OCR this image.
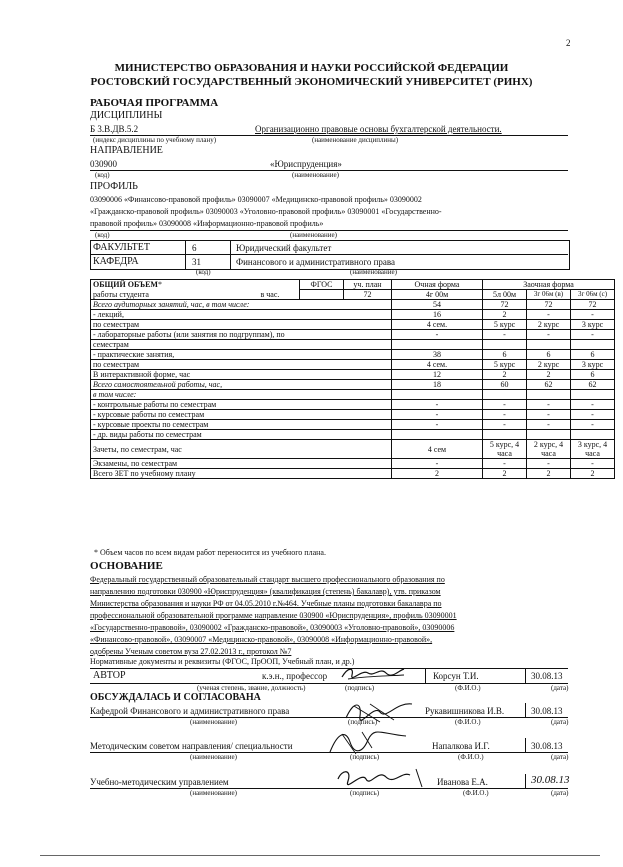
2
МИНИСТЕРСТВО ОБРАЗОВАНИЯ И НАУКИ РОССИЙСКОЙ ФЕДЕРАЦИИ
РОСТОВСКИЙ ГОСУДАРСТВЕННЫЙ ЭКОНОМИЧЕСКИЙ УНИВЕРСИТЕТ (РИНХ)
РАБОЧАЯ ПРОГРАММА
ДИСЦИПЛИНЫ
Б 3.В.ДВ.5.2	Организационно правовые основы бухгалтерской деятельности.
(индекс дисциплины по учебному плану)	(наименование дисциплины)
НАПРАВЛЕНИЕ
030900	«Юриспруденция»
(код)	(наименование)
ПРОФИЛЬ
03090006 «Финансово-правовой профиль» 03090007 «Медицинско-правовой профиль» 03090002
«Гражданско-правовой профиль» 03090003 «Уголовно-правовой профиль» 03090001 «Государственно-
правовой профиль» 03090008 «Информационно-правовой профиль»
(код)	(наименование)
ФАКУЛЬТЕТ	6	Юридический факультет
КАФЕДРА	31	Финансового и административного права
(код)	(наименование)
ОБЩИЙ ОБЪЕМ*		ФГОС	уч. план	Очная форма	Заочная форма		
работы студента	в час.		72	4г 00м	5л 00м	3г 06м (в)	3г 06м (с)
Всего аудиторных занятий, час, в том числе:				54	72	72	72
- лекций,				16	2	-	-
по семестрам				4 сем.	5 курс	2 курс	3 курс
- лабораторные работы (или занятия по подгруппам), по				-	-	-	-
семестрам							
- практические занятия,				38	6	6	6
по семестрам				4 сем.	5 курс	2 курс	3 курс
В интерактивной форме, час				12	2	2	6
Всего самостоятельной работы, час,				18	60	62	62
в том числе:							
- контрольные работы по семестрам				-	-	-	-
- курсовые работы по семестрам				-	-	-	-
- курсовые проекты по семестрам				-	-	-	-
- др. виды работы по семестрам							
Зачеты, по семестрам, час				4 сем	5 курс, 4 часа	2 курс, 4 часа	3 курс, 4 часа
Экзамены, по семестрам				-	-	-	-
Всего ЗЕТ по учебному плану				2	2	2	2
* Объем часов по всем видам работ переносится из учебного плана.
ОСНОВАНИЕ
Федеральный государственный образовательный стандарт высшего профессионального образования по
направлению подготовки 030900 «Юриспруденция» (квалификация (степень) бакалавр), утв. приказом
Министерства образования и науки РФ от 04.05.2010 г.№464. Учебные планы подготовки бакалавра по
профессиональной образовательной программе направление 030900 «Юриспруденция», профиль 03090001
«Государственно-правовой», 03090002 «Гражданско-правовой», 03090003 «Уголовно-правовой», 03090006
«Финансово-правовой», 03090007 «Медицинско-правовой», 03090008 «Информационно-правовой»,
одобрены Ученым советом вуза 27.02.2013 г., протокол №7
Нормативные документы и реквизиты (ФГОС, ПрООП, Учебный план, и др.)
АВТОР	к.э.н., профессор	Корсун Т.И.	30.08.13
(ученая степень, звание, должность)	(подпись)	(Ф.И.О.)	(дата)
ОБСУЖДАЛАСЬ И СОГЛАСОВАНА
Кафедрой Финансового и административного права	Рукавишникова И.В.	30.08.13
(наименование)	(подпись)	(Ф.И.О.)	(дата)
Методическим советом направления/ специальности	Напалкова И.Г.	30.08.13
(наименование)	(подпись)	(Ф.И.О.)	(дата)
Учебно-методическим управлением	Иванова Е.А.	30.08.13
(наименование)	(подпись)	(Ф.И.О.)	(дата)
